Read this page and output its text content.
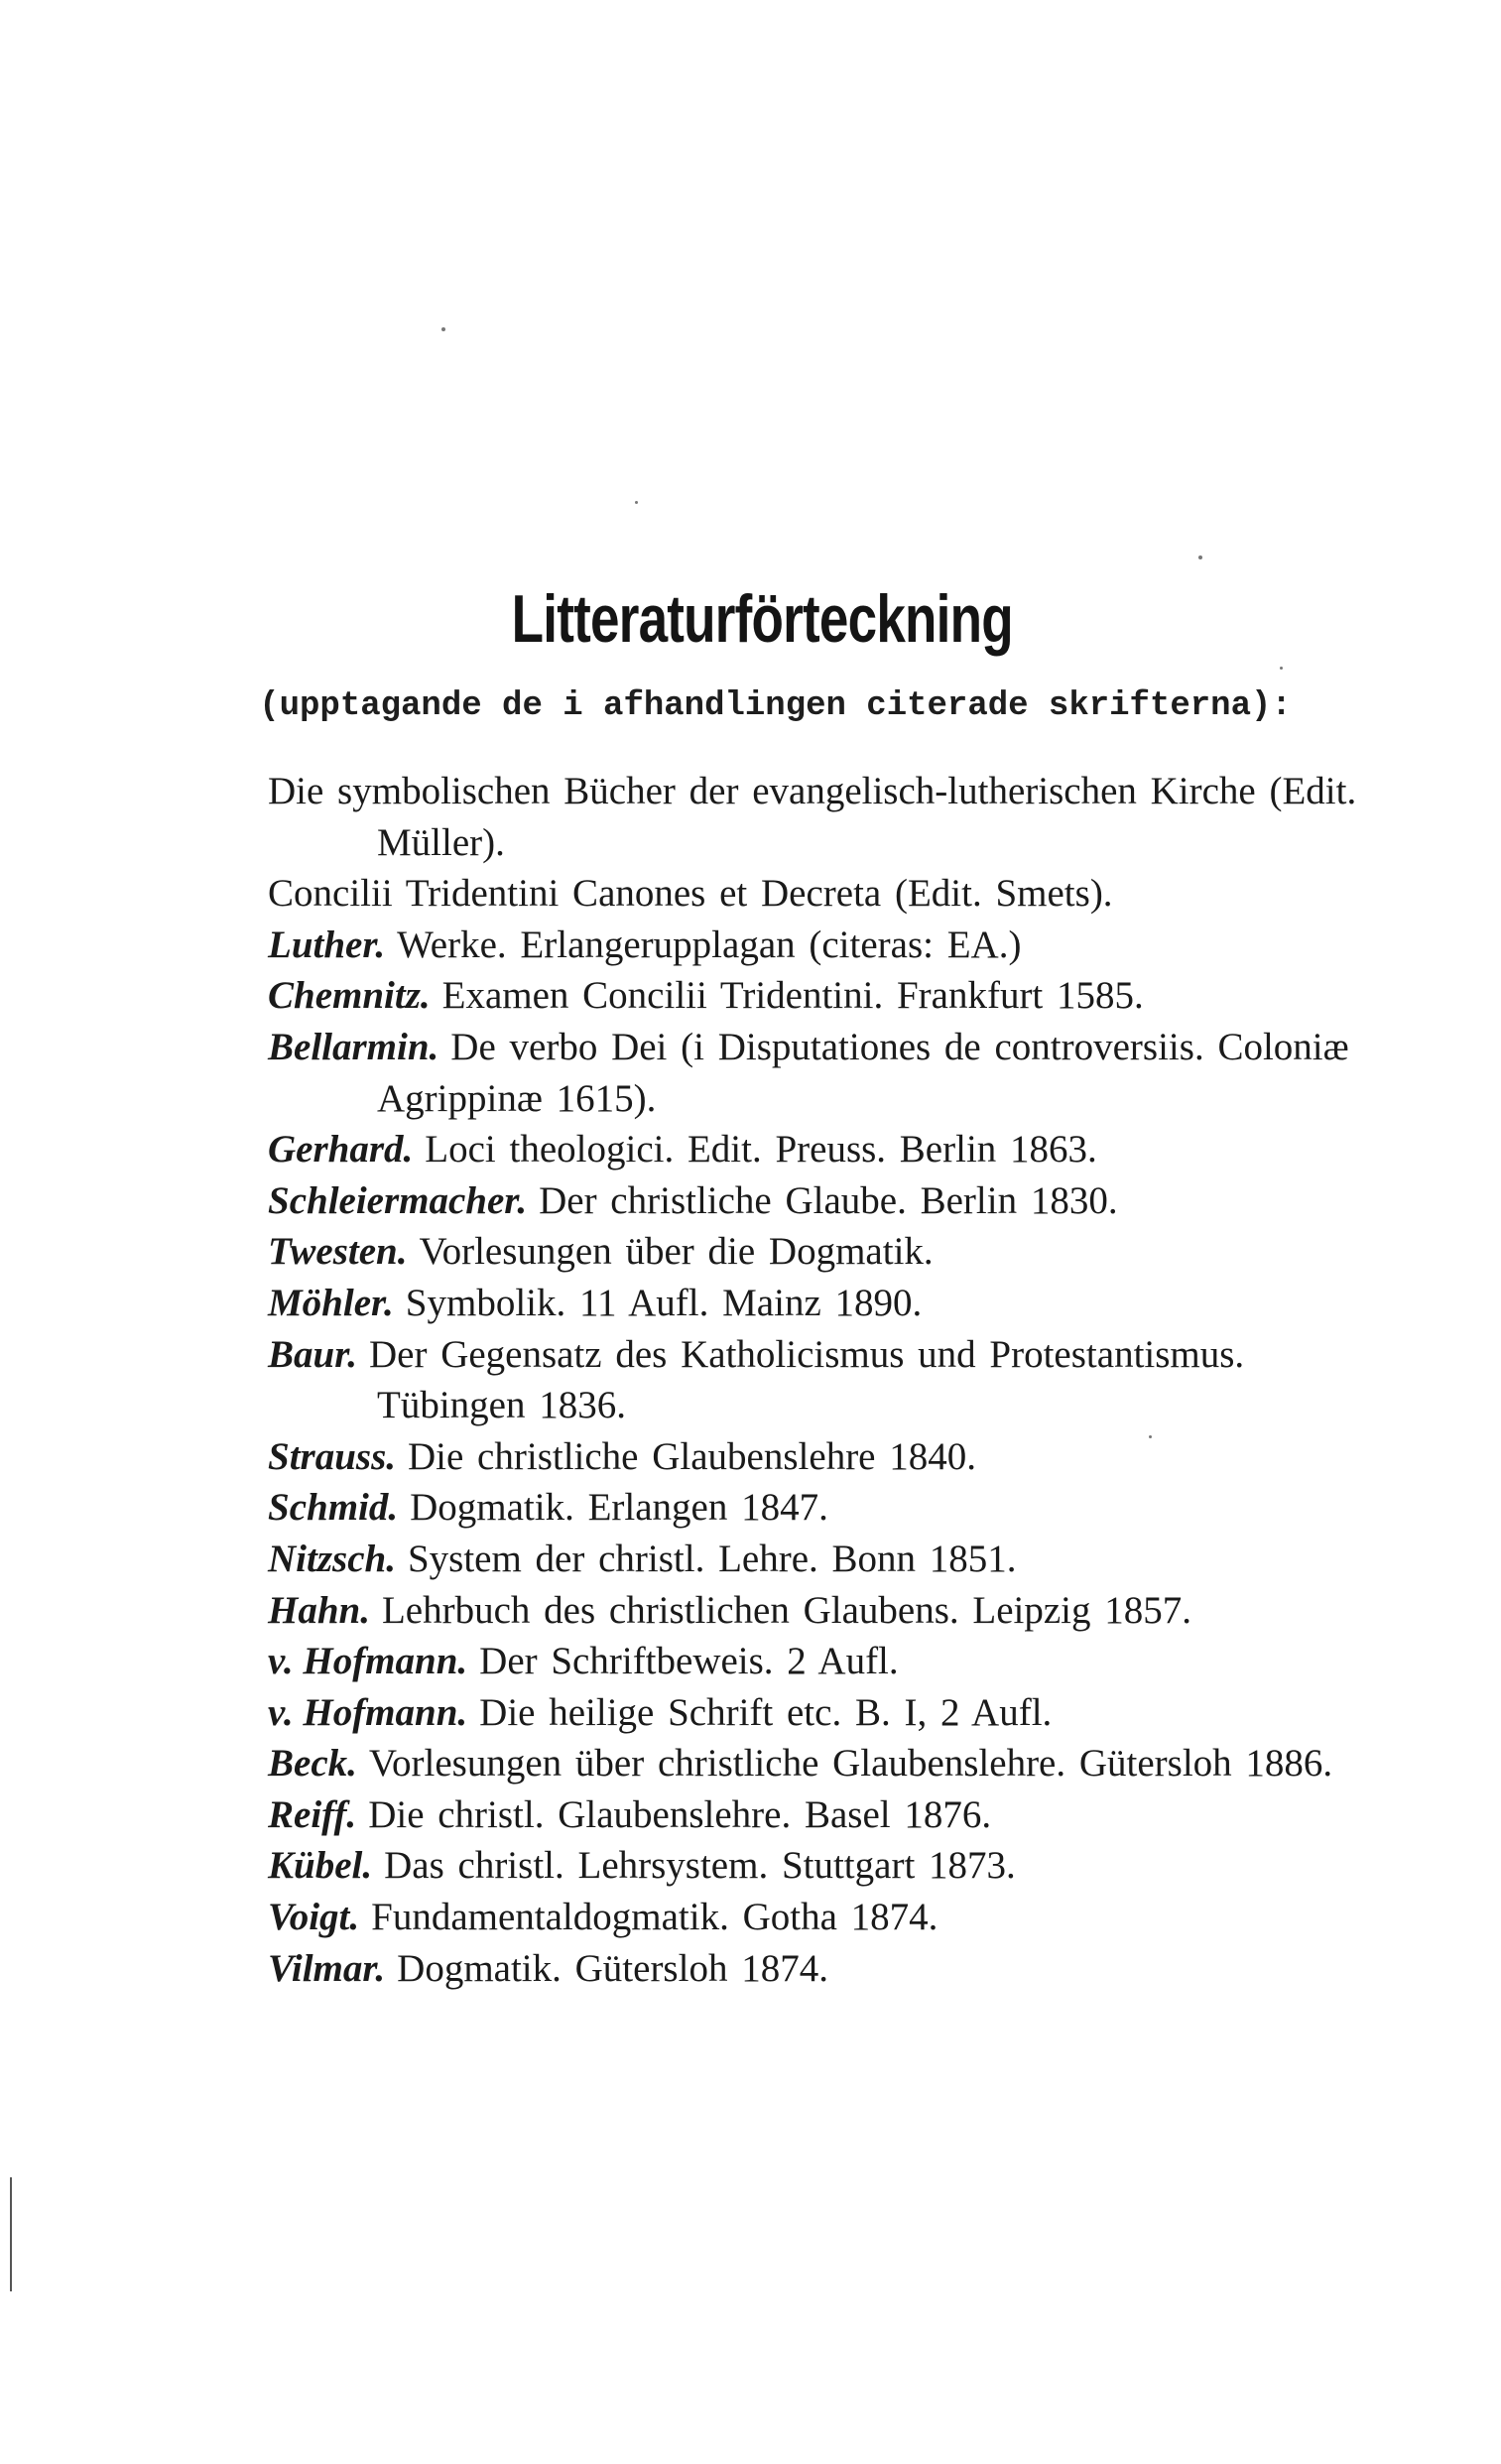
Litteraturförteckning
(upptagande de i afhandlingen citerade skrifterna):

Die symbolischen Bücher der evangelisch-lutherischen Kirche (Edit. Müller).

Concilii Tridentini Canones et Decreta (Edit. Smets).

Luther. Werke. Erlangerupplagan (citeras: EA.)

Chemnitz. Examen Concilii Tridentini. Frankfurt 1585.

Bellarmin. De verbo Dei (i Disputationes de controversiis. Coloniæ Agrippinæ 1615).

Gerhard. Loci theologici. Edit. Preuss. Berlin 1863.

Schleiermacher. Der christliche Glaube. Berlin 1830.

Twesten. Vorlesungen über die Dogmatik.

Möhler. Symbolik. 11 Aufl. Mainz 1890.

Baur. Der Gegensatz des Katholicismus und Protestantismus. Tübingen 1836.

Strauss. Die christliche Glaubenslehre 1840.

Schmid. Dogmatik. Erlangen 1847.

Nitzsch. System der christl. Lehre. Bonn 1851.

Hahn. Lehrbuch des christlichen Glaubens. Leipzig 1857.

v. Hofmann. Der Schriftbeweis. 2 Aufl.

v. Hofmann. Die heilige Schrift etc. B. I, 2 Aufl.

Beck. Vorlesungen über christliche Glaubenslehre. Gütersloh 1886.

Reiff. Die christl. Glaubenslehre. Basel 1876.

Kübel. Das christl. Lehrsystem. Stuttgart 1873.

Voigt. Fundamentaldogmatik. Gotha 1874.

Vilmar. Dogmatik. Gütersloh 1874.
